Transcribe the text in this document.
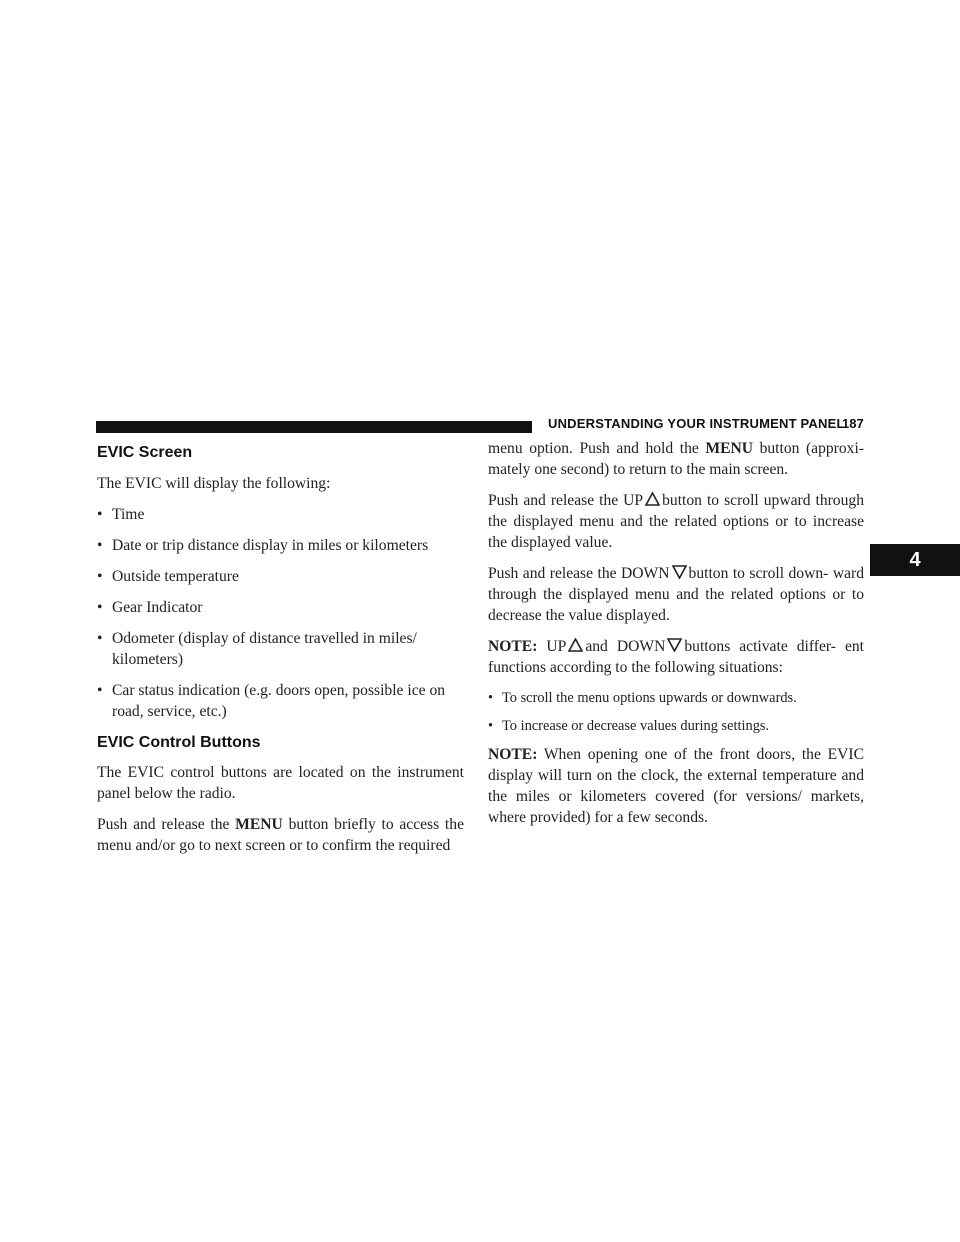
UNDERSTANDING YOUR INSTRUMENT PANEL
187
4
EVIC Screen

The EVIC will display the following:

• Time
• Date or trip distance display in miles or kilometers
• Outside temperature
• Gear Indicator
• Odometer (display of distance travelled in miles/ kilometers)
• Car status indication (e.g. doors open, possible ice on road, service, etc.)
EVIC Control Buttons

The EVIC control buttons are located on the instrument panel below the radio.

Push and release the MENU button briefly to access the menu and/or go to next screen or to confirm the required

menu option. Push and hold the MENU button (approxi- mately one second) to return to the main screen.

Push and release the UP button to scroll upward through the displayed menu and the related options or to increase the displayed value.

Push and release the DOWN button to scroll down- ward through the displayed menu and the related options or to decrease the value displayed.

NOTE: UP and DOWN buttons activate differ- ent functions according to the following situations:

• To scroll the menu options upwards or downwards.
• To increase or decrease values during settings.

NOTE: When opening one of the front doors, the EVIC display will turn on the clock, the external temperature and the miles or kilometers covered (for versions/ markets, where provided) for a few seconds.
